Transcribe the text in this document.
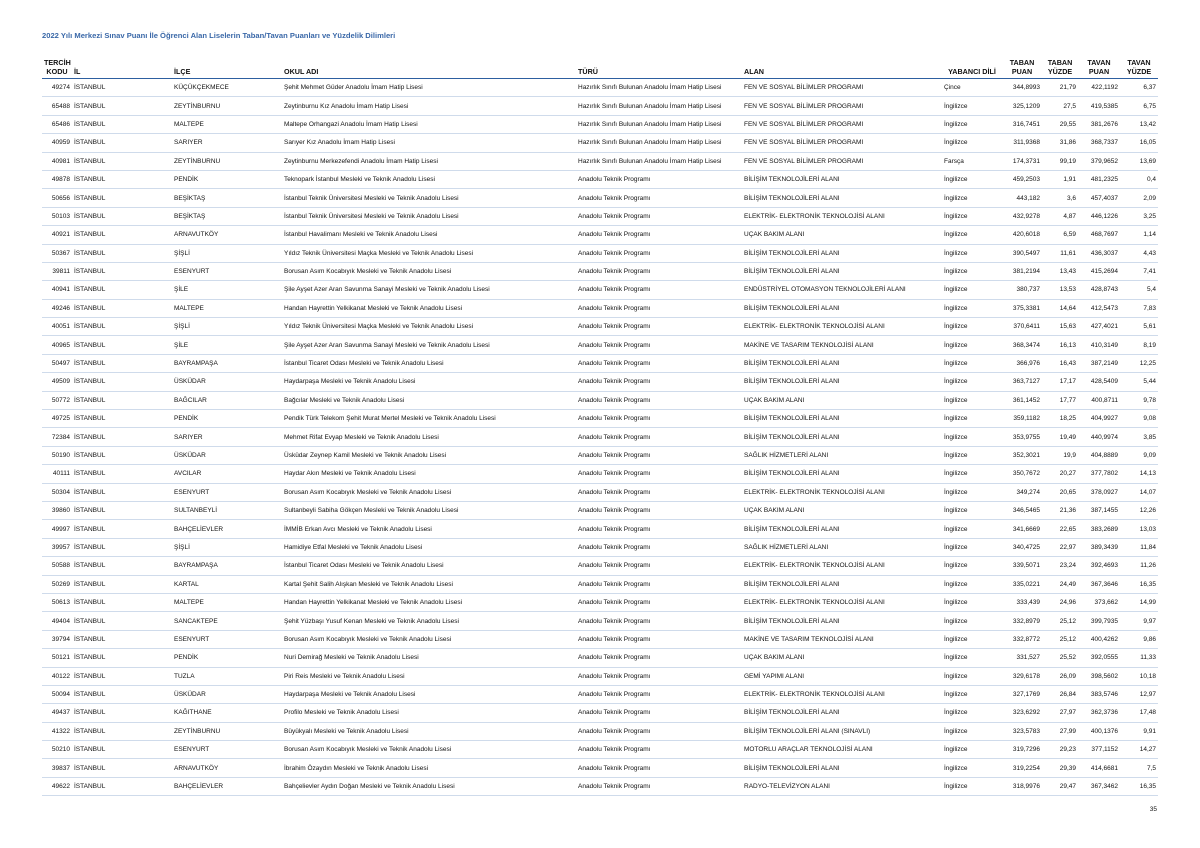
2022 Yılı Merkezi Sınav Puanı İle Öğrenci Alan Liselerin Taban/Tavan Puanları ve Yüzdelik Dilimleri
TERCİH KODU	İL	İLÇE	OKUL ADI	TÜRÜ	ALAN	YABANCI DİLİ	TABAN PUAN	TABAN YÜZDE	TAVAN PUAN	TAVAN YÜZDE
49274	İSTANBUL	KÜÇÜKÇEKMECE	Şehit Mehmet Güder Anadolu İmam Hatip Lisesi	Hazırlık Sınıfı Bulunan Anadolu İmam Hatip Lisesi	FEN VE SOSYAL BİLİMLER PROGRAMI	Çince	344,8993	21,79	422,1192	6,37
65488	İSTANBUL	ZEYTİNBURNU	Zeytinburnu Kız Anadolu İmam Hatip Lisesi	Hazırlık Sınıfı Bulunan Anadolu İmam Hatip Lisesi	FEN VE SOSYAL BİLİMLER PROGRAMI	İngilizce	325,1209	27,5	419,5385	6,75
65486	İSTANBUL	MALTEPE	Maltepe Orhangazi Anadolu İmam Hatip Lisesi	Hazırlık Sınıfı Bulunan Anadolu İmam Hatip Lisesi	FEN VE SOSYAL BİLİMLER PROGRAMI	İngilizce	316,7451	29,55	381,2676	13,42
40959	İSTANBUL	SARIYER	Sarıyer Kız Anadolu İmam Hatip Lisesi	Hazırlık Sınıfı Bulunan Anadolu İmam Hatip Lisesi	FEN VE SOSYAL BİLİMLER PROGRAMI	İngilizce	311,9368	31,86	368,7337	16,05
40981	İSTANBUL	ZEYTİNBURNU	Zeytinburnu Merkezefendi Anadolu İmam Hatip Lisesi	Hazırlık Sınıfı Bulunan Anadolu İmam Hatip Lisesi	FEN VE SOSYAL BİLİMLER PROGRAMI	Farsça	174,3731	99,19	379,9652	13,69
49878	İSTANBUL	PENDİK	Teknopark İstanbul Mesleki ve Teknik Anadolu Lisesi	Anadolu Teknik Programı	BİLİŞİM TEKNOLOJİLERİ ALANI	İngilizce	459,2503	1,91	481,2325	0,4
50656	İSTANBUL	BEŞİKTAŞ	İstanbul Teknik Üniversitesi Mesleki ve Teknik Anadolu Lisesi	Anadolu Teknik Programı	BİLİŞİM TEKNOLOJİLERİ ALANI	İngilizce	443,182	3,6	457,4037	2,09
50103	İSTANBUL	BEŞİKTAŞ	İstanbul Teknik Üniversitesi Mesleki ve Teknik Anadolu Lisesi	Anadolu Teknik Programı	ELEKTRİK- ELEKTRONİK TEKNOLOJİSİ ALANI	İngilizce	432,9278	4,87	446,1226	3,25
40921	İSTANBUL	ARNAVUTKÖY	İstanbul Havalimanı Mesleki ve Teknik Anadolu Lisesi	Anadolu Teknik Programı	UÇAK BAKIM ALANI	İngilizce	420,6018	6,59	468,7697	1,14
50367	İSTANBUL	ŞİŞLİ	Yıldız Teknik Üniversitesi Maçka Mesleki ve Teknik Anadolu Lisesi	Anadolu Teknik Programı	BİLİŞİM TEKNOLOJİLERİ ALANI	İngilizce	390,5497	11,61	436,3037	4,43
39811	İSTANBUL	ESENYURT	Borusan Asım Kocabıyık Mesleki ve Teknik Anadolu Lisesi	Anadolu Teknik Programı	BİLİŞİM TEKNOLOJİLERİ ALANI	İngilizce	381,2194	13,43	415,2694	7,41
40941	İSTANBUL	ŞİLE	Şile Ayşet Azer Aran Savunma Sanayi Mesleki ve Teknik Anadolu Lisesi	Anadolu Teknik Programı	ENDÜSTRİYEL OTOMASYON TEKNOLOJİLERİ ALANI	İngilizce	380,737	13,53	428,8743	5,4
49246	İSTANBUL	MALTEPE	Handan Hayrettin Yelkikanat Mesleki ve Teknik Anadolu Lisesi	Anadolu Teknik Programı	BİLİŞİM TEKNOLOJİLERİ ALANI	İngilizce	375,3381	14,64	412,5473	7,83
40051	İSTANBUL	ŞİŞLİ	Yıldız Teknik Üniversitesi Maçka Mesleki ve Teknik Anadolu Lisesi	Anadolu Teknik Programı	ELEKTRİK- ELEKTRONİK TEKNOLOJİSİ ALANI	İngilizce	370,6411	15,63	427,4021	5,61
40965	İSTANBUL	ŞİLE	Şile Ayşet Azer Aran Savunma Sanayi Mesleki ve Teknik Anadolu Lisesi	Anadolu Teknik Programı	MAKİNE VE TASARIM TEKNOLOJİSİ ALANI	İngilizce	368,3474	16,13	410,3149	8,19
50497	İSTANBUL	BAYRAMPAŞA	İstanbul Ticaret Odası Mesleki ve Teknik Anadolu Lisesi	Anadolu Teknik Programı	BİLİŞİM TEKNOLOJİLERİ ALANI	İngilizce	366,976	16,43	387,2149	12,25
49509	İSTANBUL	ÜSKÜDAR	Haydarpaşa Mesleki ve Teknik Anadolu Lisesi	Anadolu Teknik Programı	BİLİŞİM TEKNOLOJİLERİ ALANI	İngilizce	363,7127	17,17	428,5409	5,44
50772	İSTANBUL	BAĞCILAR	Bağcılar Mesleki ve Teknik Anadolu Lisesi	Anadolu Teknik Programı	UÇAK BAKIM ALANI	İngilizce	361,1452	17,77	400,8711	9,78
49725	İSTANBUL	PENDİK	Pendik Türk Telekom Şehit Murat Mertel Mesleki ve Teknik Anadolu Lisesi	Anadolu Teknik Programı	BİLİŞİM TEKNOLOJİLERİ ALANI	İngilizce	359,1182	18,25	404,9927	9,08
72384	İSTANBUL	SARIYER	Mehmet Rifat Evyap Mesleki ve Teknik Anadolu Lisesi	Anadolu Teknik Programı	BİLİŞİM TEKNOLOJİLERİ ALANI	İngilizce	353,9755	19,49	440,9974	3,85
50190	İSTANBUL	ÜSKÜDAR	Üsküdar Zeynep Kamil Mesleki ve Teknik Anadolu Lisesi	Anadolu Teknik Programı	SAĞLIK HİZMETLERİ ALANI	İngilizce	352,3021	19,9	404,8889	9,09
40111	İSTANBUL	AVCILAR	Haydar Akın Mesleki ve Teknik Anadolu Lisesi	Anadolu Teknik Programı	BİLİŞİM TEKNOLOJİLERİ ALANI	İngilizce	350,7672	20,27	377,7802	14,13
50304	İSTANBUL	ESENYURT	Borusan Asım Kocabıyık Mesleki ve Teknik Anadolu Lisesi	Anadolu Teknik Programı	ELEKTRİK- ELEKTRONİK TEKNOLOJİSİ ALANI	İngilizce	349,274	20,65	378,0927	14,07
39860	İSTANBUL	SULTANBEYLİ	Sultanbeyli Sabiha Gökçen Mesleki ve Teknik Anadolu Lisesi	Anadolu Teknik Programı	UÇAK BAKIM ALANI	İngilizce	346,5465	21,36	387,1455	12,26
49997	İSTANBUL	BAHÇELİEVLER	İMMİB Erkan Avcı Mesleki ve Teknik Anadolu Lisesi	Anadolu Teknik Programı	BİLİŞİM TEKNOLOJİLERİ ALANI	İngilizce	341,6669	22,65	383,2689	13,03
39957	İSTANBUL	ŞİŞLİ	Hamidiye Etfal Mesleki ve Teknik Anadolu Lisesi	Anadolu Teknik Programı	SAĞLIK HİZMETLERİ ALANI	İngilizce	340,4725	22,97	389,3439	11,84
50588	İSTANBUL	BAYRAMPAŞA	İstanbul Ticaret Odası Mesleki ve Teknik Anadolu Lisesi	Anadolu Teknik Programı	ELEKTRİK- ELEKTRONİK TEKNOLOJİSİ ALANI	İngilizce	339,5071	23,24	392,4693	11,26
50269	İSTANBUL	KARTAL	Kartal Şehit Salih Alışkan Mesleki ve Teknik Anadolu Lisesi	Anadolu Teknik Programı	BİLİŞİM TEKNOLOJİLERİ ALANI	İngilizce	335,0221	24,49	367,3646	16,35
50613	İSTANBUL	MALTEPE	Handan Hayrettin Yelkikanat Mesleki ve Teknik Anadolu Lisesi	Anadolu Teknik Programı	ELEKTRİK- ELEKTRONİK TEKNOLOJİSİ ALANI	İngilizce	333,439	24,96	373,662	14,99
49404	İSTANBUL	SANCAKTEPE	Şehit Yüzbaşı Yusuf Kenan Mesleki ve Teknik Anadolu Lisesi	Anadolu Teknik Programı	BİLİŞİM TEKNOLOJİLERİ ALANI	İngilizce	332,8979	25,12	399,7935	9,97
39794	İSTANBUL	ESENYURT	Borusan Asım Kocabıyık Mesleki ve Teknik Anadolu Lisesi	Anadolu Teknik Programı	MAKİNE VE TASARIM TEKNOLOJİSİ ALANI	İngilizce	332,8772	25,12	400,4262	9,86
50121	İSTANBUL	PENDİK	Nuri Demirağ Mesleki ve Teknik Anadolu Lisesi	Anadolu Teknik Programı	UÇAK BAKIM ALANI	İngilizce	331,527	25,52	392,0555	11,33
40122	İSTANBUL	TUZLA	Piri Reis Mesleki ve Teknik Anadolu Lisesi	Anadolu Teknik Programı	GEMİ YAPIMI ALANI	İngilizce	329,6178	26,09	398,5602	10,18
50094	İSTANBUL	ÜSKÜDAR	Haydarpaşa Mesleki ve Teknik Anadolu Lisesi	Anadolu Teknik Programı	ELEKTRİK- ELEKTRONİK TEKNOLOJİSİ ALANI	İngilizce	327,1769	26,84	383,5746	12,97
49437	İSTANBUL	KAĞITHANE	Profilo Mesleki ve Teknik Anadolu Lisesi	Anadolu Teknik Programı	BİLİŞİM TEKNOLOJİLERİ ALANI	İngilizce	323,6292	27,97	362,3736	17,48
41322	İSTANBUL	ZEYTİNBURNU	Büyükyalı Mesleki ve Teknik Anadolu Lisesi	Anadolu Teknik Programı	BİLİŞİM TEKNOLOJİLERİ ALANI (SINAVLI)	İngilizce	323,5783	27,99	400,1376	9,91
50210	İSTANBUL	ESENYURT	Borusan Asım Kocabıyık Mesleki ve Teknik Anadolu Lisesi	Anadolu Teknik Programı	MOTORLU ARAÇLAR TEKNOLOJİSİ ALANI	İngilizce	319,7296	29,23	377,1152	14,27
39837	İSTANBUL	ARNAVUTKÖY	İbrahim Özaydın Mesleki ve Teknik Anadolu Lisesi	Anadolu Teknik Programı	BİLİŞİM TEKNOLOJİLERİ ALANI	İngilizce	319,2254	29,39	414,6681	7,5
49622	İSTANBUL	BAHÇELİEVLER	Bahçelievler Aydın Doğan Mesleki ve Teknik Anadolu Lisesi	Anadolu Teknik Programı	RADYO-TELEVİZYON ALANI	İngilizce	318,9976	29,47	367,3462	16,35
35
